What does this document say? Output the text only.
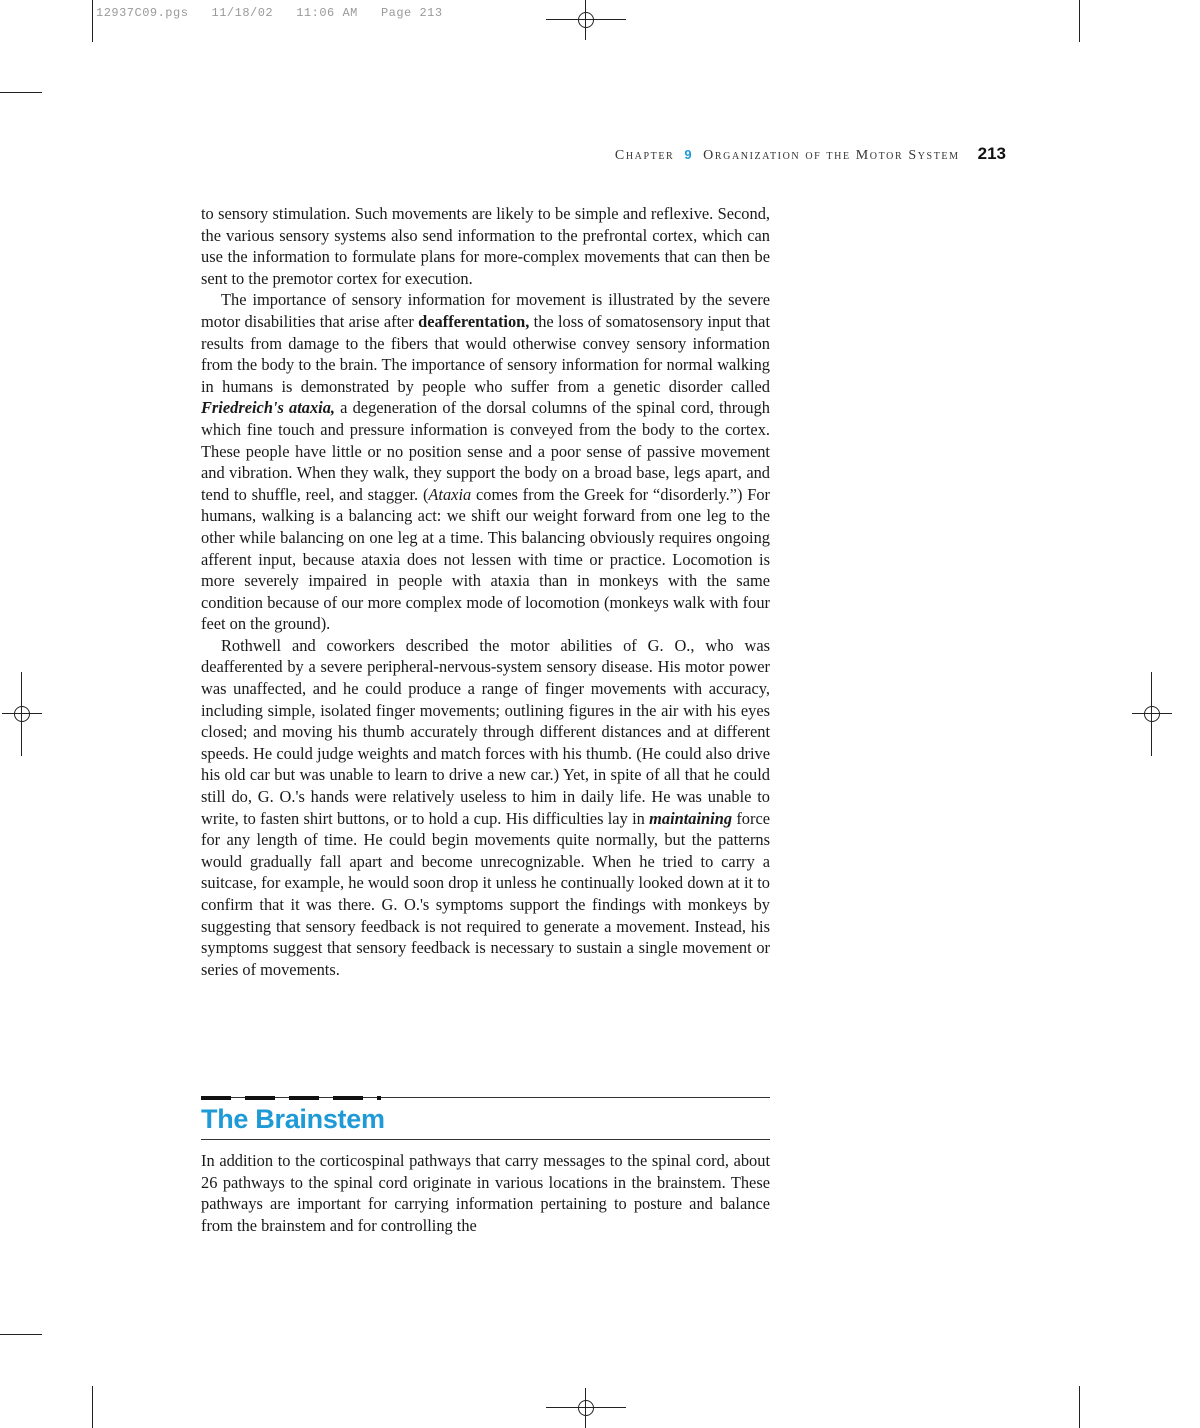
12937C09.pgs   11/18/02   11:06 AM   Page 213
Chapter 9 Organization of the Motor System 213

to sensory stimulation. Such movements are likely to be simple and reflexive. Second, the various sensory systems also send information to the prefrontal cortex, which can use the information to formulate plans for more-complex movements that can then be sent to the premotor cortex for execution.

The importance of sensory information for movement is illustrated by the severe motor disabilities that arise after deafferentation, the loss of somatosensory input that results from damage to the fibers that would otherwise convey sensory information from the body to the brain. The importance of sensory information for normal walking in humans is demonstrated by people who suffer from a genetic disorder called Friedreich's ataxia, a degeneration of the dorsal columns of the spinal cord, through which fine touch and pressure information is conveyed from the body to the cortex. These people have little or no position sense and a poor sense of passive movement and vibration. When they walk, they support the body on a broad base, legs apart, and tend to shuffle, reel, and stagger. (Ataxia comes from the Greek for “disorderly.”) For humans, walking is a balancing act: we shift our weight forward from one leg to the other while balancing on one leg at a time. This balancing obviously requires ongoing afferent input, because ataxia does not lessen with time or practice. Locomotion is more severely impaired in people with ataxia than in monkeys with the same condition because of our more complex mode of locomotion (monkeys walk with four feet on the ground).

Rothwell and coworkers described the motor abilities of G. O., who was deafferented by a severe peripheral-nervous-system sensory disease. His motor power was unaffected, and he could produce a range of finger movements with accuracy, including simple, isolated finger movements; outlining figures in the air with his eyes closed; and moving his thumb accurately through different distances and at different speeds. He could judge weights and match forces with his thumb. (He could also drive his old car but was unable to learn to drive a new car.) Yet, in spite of all that he could still do, G. O.'s hands were relatively useless to him in daily life. He was unable to write, to fasten shirt buttons, or to hold a cup. His difficulties lay in maintaining force for any length of time. He could begin movements quite normally, but the patterns would gradually fall apart and become unrecognizable. When he tried to carry a suitcase, for example, he would soon drop it unless he continually looked down at it to confirm that it was there. G. O.'s symptoms support the findings with monkeys by suggesting that sensory feedback is not required to generate a movement. Instead, his symptoms suggest that sensory feedback is necessary to sustain a single movement or series of movements.

The Brainstem

In addition to the corticospinal pathways that carry messages to the spinal cord, about 26 pathways to the spinal cord originate in various locations in the brainstem. These pathways are important for carrying information pertaining to posture and balance from the brainstem and for controlling the
